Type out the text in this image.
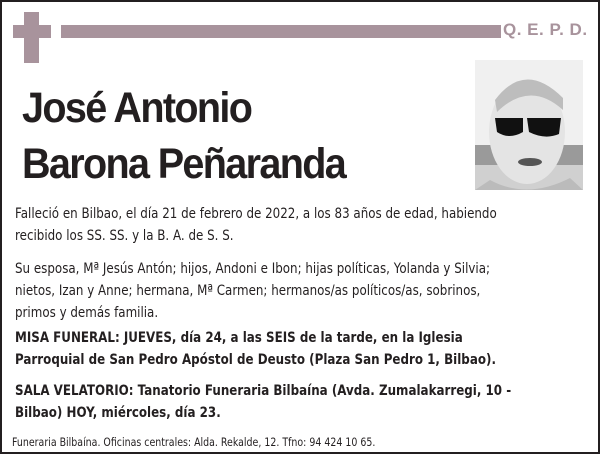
Q. E. P. D.
José Antonio
Barona Peñaranda
Falleció en Bilbao, el día 21 de febrero de 2022, a los 83 años de edad, habiendo
recibido los SS. SS. y la B. A. de S. S.
Su esposa, Mª Jesús Antón; hijos, Andoni e Ibon; hijas políticas, Yolanda y Silvia;
nietos, Izan y Anne; hermana, Mª Carmen; hermanos/as políticos/as, sobrinos,
primos y demás familia.
MISA FUNERAL: JUEVES, día 24, a las SEIS de la tarde, en la Iglesia
Parroquial de San Pedro Apóstol de Deusto (Plaza San Pedro 1, Bilbao).
SALA VELATORIO: Tanatorio Funeraria Bilbaína (Avda. Zumalakarregi, 10 -
Bilbao) HOY, miércoles, día 23.
Funeraria Bilbaína. Oficinas centrales: Alda. Rekalde, 12. Tfno: 94 424 10 65.
